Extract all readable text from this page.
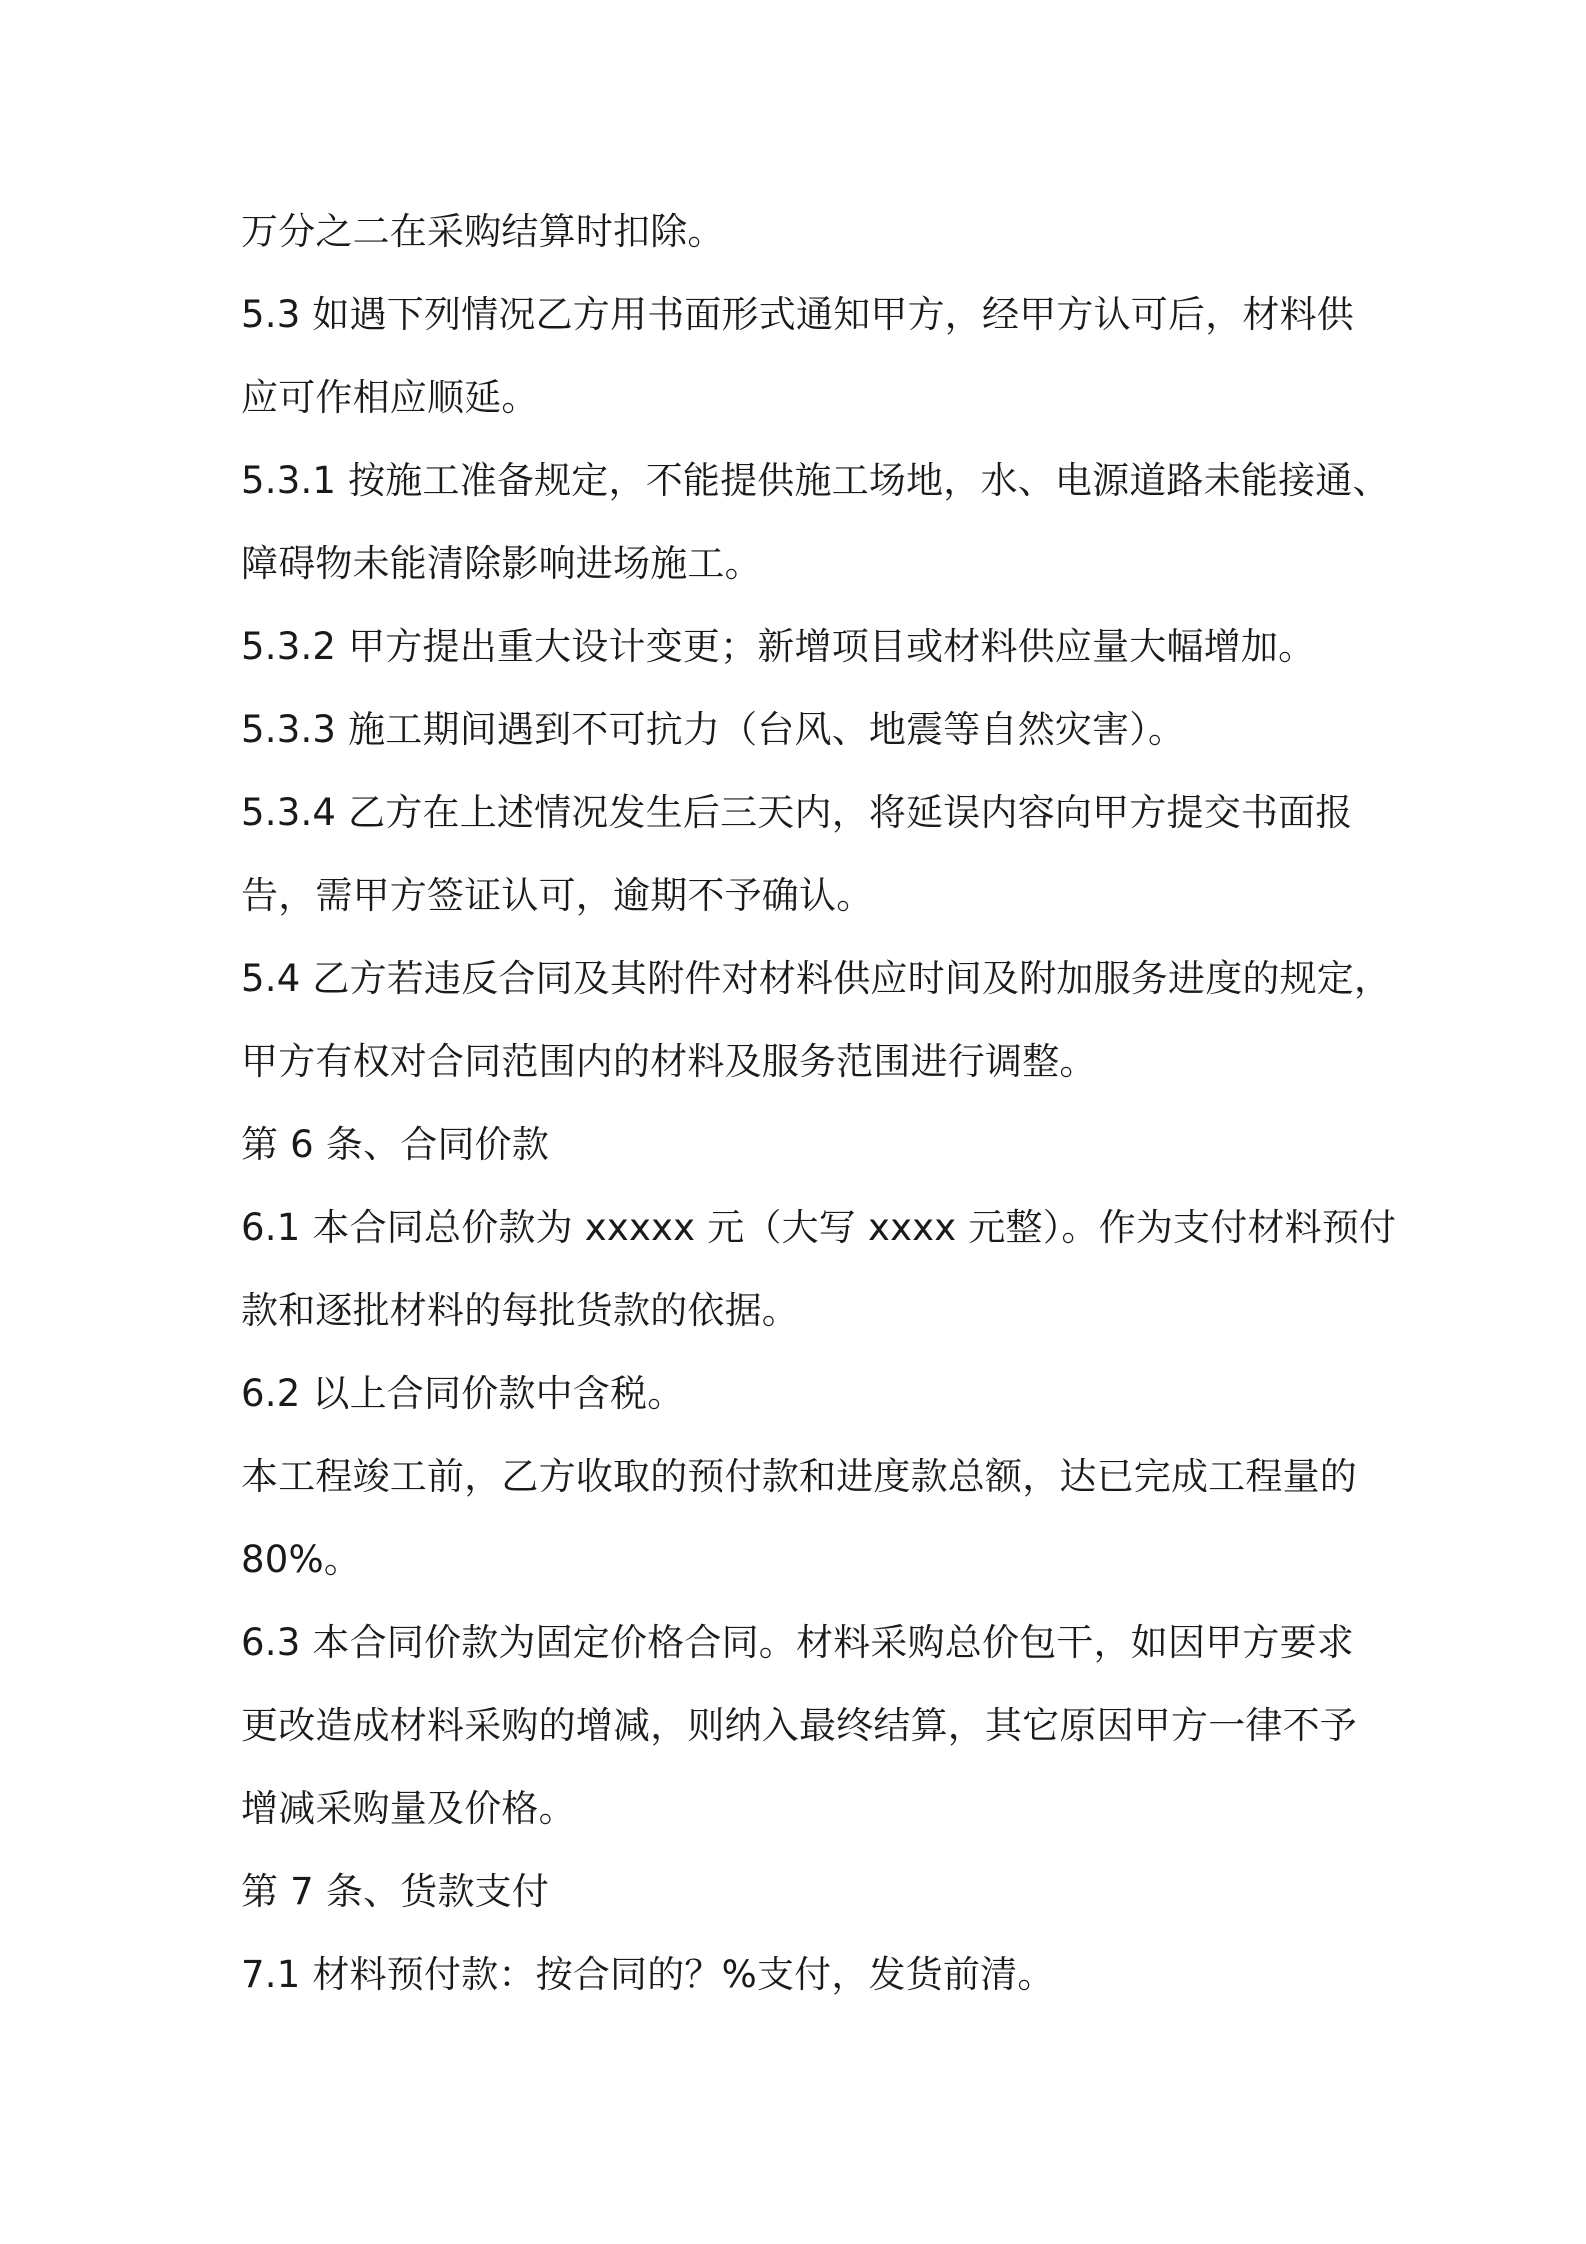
万分之二在采购结算时扣除。

5.3 如遇下列情况乙方用书面形式通知甲方，经甲方认可后，材料供

应可作相应顺延。

5.3.1 按施工准备规定，不能提供施工场地，水、电源道路未能接通、

障碍物未能清除影响进场施工。

5.3.2 甲方提出重大设计变更；新增项目或材料供应量大幅增加。

5.3.3 施工期间遇到不可抗力（台风、地震等自然灾害）。

5.3.4 乙方在上述情况发生后三天内，将延误内容向甲方提交书面报

告，需甲方签证认可，逾期不予确认。

5.4 乙方若违反合同及其附件对材料供应时间及附加服务进度的规定，

甲方有权对合同范围内的材料及服务范围进行调整。

第 6 条、合同价款

6.1 本合同总价款为 xxxxx 元（大写 xxxx 元整）。作为支付材料预付

款和逐批材料的每批货款的依据。

6.2 以上合同价款中含税。

本工程竣工前，乙方收取的预付款和进度款总额，达已完成工程量的

80%。

6.3 本合同价款为固定价格合同。材料采购总价包干，如因甲方要求

更改造成材料采购的增减，则纳入最终结算，其它原因甲方一律不予

增减采购量及价格。

第 7 条、货款支付

7.1 材料预付款：按合同的？%支付，发货前清。
